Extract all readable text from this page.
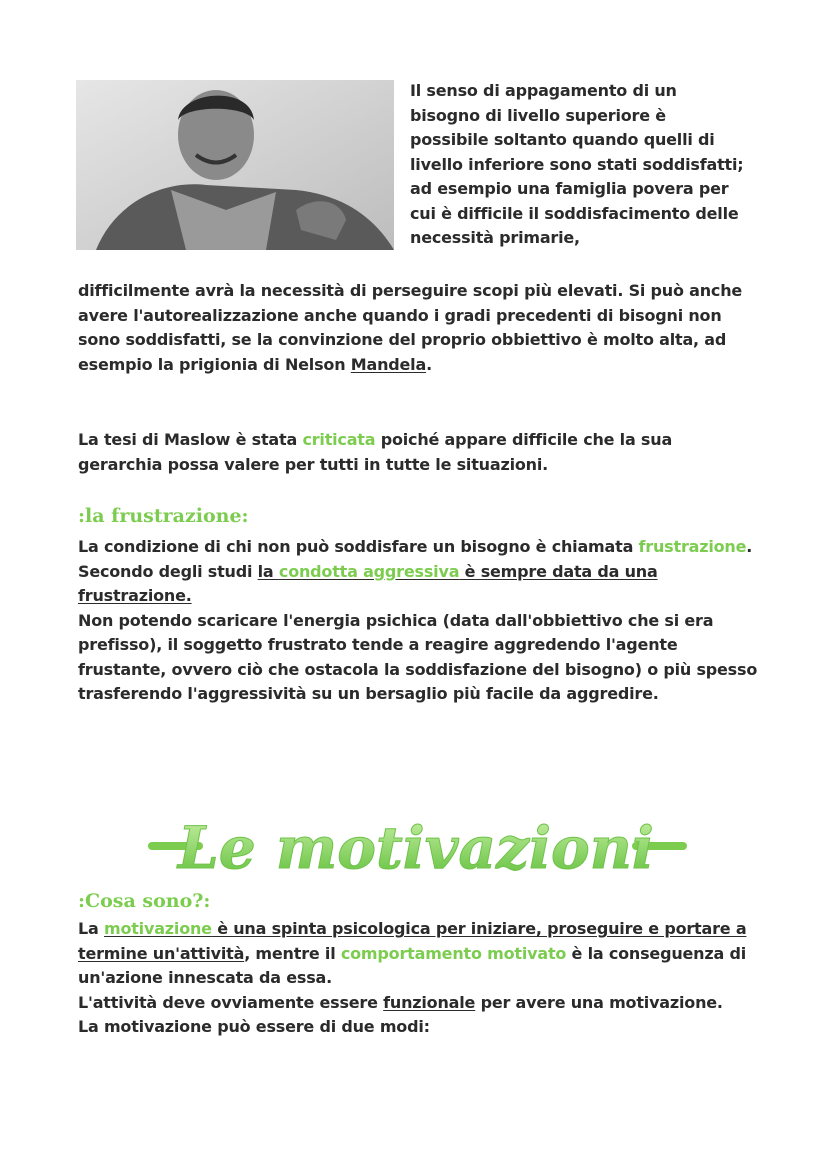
Il senso di appagamento di un bisogno di livello superiore è possibile soltanto quando quelli di livello inferiore sono stati soddisfatti; ad esempio una famiglia povera per cui è difficile il soddisfacimento delle necessità primarie,
difficilmente avrà la necessità di perseguire scopi più elevati. Si può anche avere l'autorealizzazione anche quando i gradi precedenti di bisogni non sono soddisfatti, se la convinzione del proprio obbiettivo è molto alta, ad esempio la prigionia di Nelson Mandela.
La tesi di Maslow è stata criticata poiché appare difficile che la sua gerarchia possa valere per tutti in tutte le situazioni.
:la frustrazione:
La condizione di chi non può soddisfare un bisogno è chiamata frustrazione. Secondo degli studi la condotta aggressiva è sempre data da una frustrazione.
Non potendo scaricare l'energia psichica (data dall'obbiettivo che si era prefisso), il soggetto frustrato tende a reagire aggredendo l'agente frustante, ovvero ciò che ostacola la soddisfazione del bisogno) o più spesso trasferendo l'aggressività su un bersaglio più facile da aggredire.
Le motivazioni
:Cosa sono?:
La motivazione è una spinta psicologica per iniziare, proseguire e portare a termine un'attività, mentre il comportamento motivato è la conseguenza di un'azione innescata da essa.
L'attività deve ovviamente essere funzionale per avere una motivazione.
La motivazione può essere di due modi:
